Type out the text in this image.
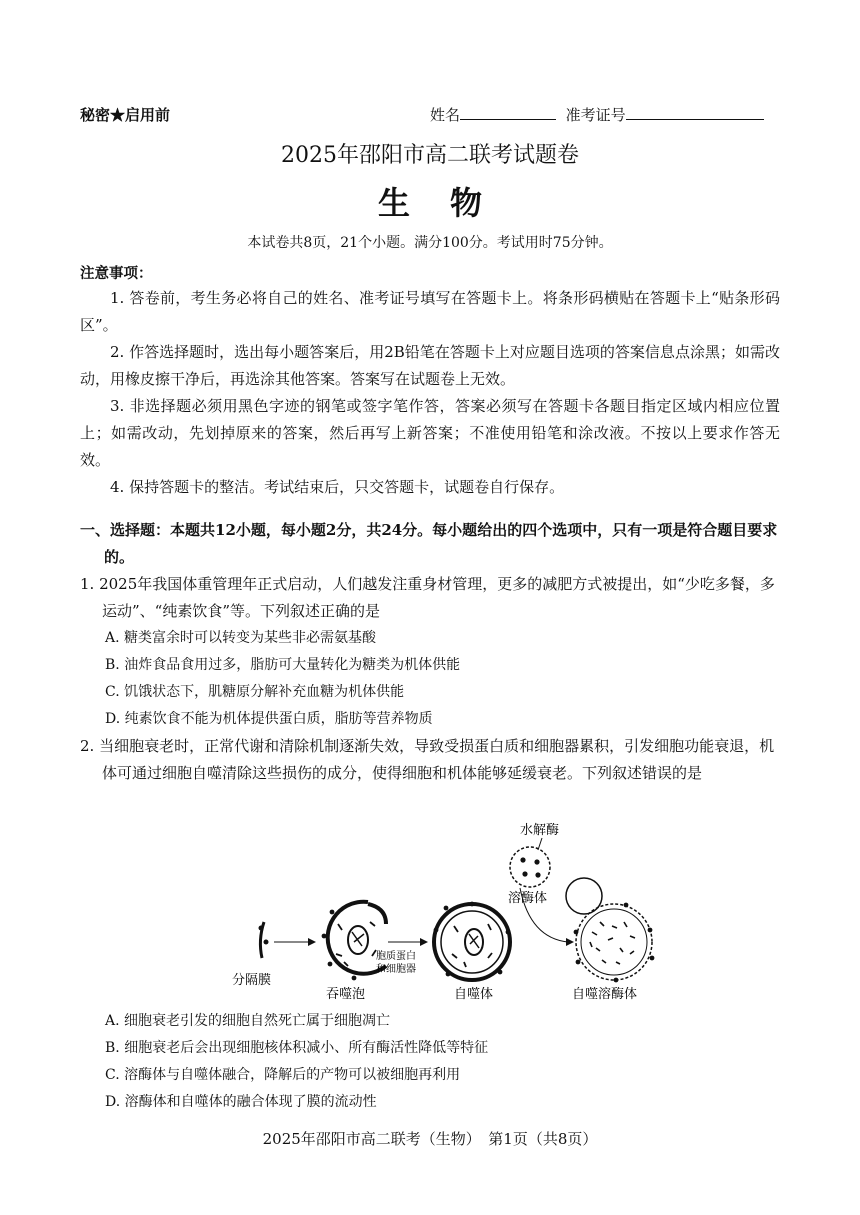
秘密★启用前	姓名	准考证号
2025年邵阳市高二联考试题卷
生物
本试卷共8页，21个小题。满分100分。考试用时75分钟。
注意事项：
1. 答卷前，考生务必将自己的姓名、准考证号填写在答题卡上。将条形码横贴在答题卡上“贴条形码区”。
2. 作答选择题时，选出每小题答案后，用2B铅笔在答题卡上对应题目选项的答案信息点涂黑；如需改动，用橡皮擦干净后，再选涂其他答案。答案写在试题卷上无效。
3. 非选择题必须用黑色字迹的钢笔或签字笔作答，答案必须写在答题卡各题目指定区域内相应位置上；如需改动，先划掉原来的答案，然后再写上新答案；不准使用铅笔和涂改液。不按以上要求作答无效。
4. 保持答题卡的整洁。考试结束后，只交答题卡，试题卷自行保存。
一、选择题：本题共12小题，每小题2分，共24分。每小题给出的四个选项中，只有一项是符合题目要求的。
1. 2025年我国体重管理年正式启动，人们越发注重身材管理，更多的减肥方式被提出，如“少吃多餐，多运动”、“纯素饮食”等。下列叙述正确的是
A. 糖类富余时可以转变为某些非必需氨基酸
B. 油炸食品食用过多，脂肪可大量转化为糖类为机体供能
C. 饥饿状态下，肌糖原分解补充血糖为机体供能
D. 纯素饮食不能为机体提供蛋白质，脂肪等营养物质
2. 当细胞衰老时，正常代谢和清除机制逐渐失效，导致受损蛋白质和细胞器累积，引发细胞功能衰退，机体可通过细胞自噬清除这些损伤的成分，使得细胞和机体能够延缓衰老。下列叙述错误的是
水解酶
溶酶体
分隔膜
吞噬泡
胞质蛋白
和细胞器
自噬体	自噬溶酶体
A. 细胞衰老引发的细胞自然死亡属于细胞凋亡
B. 细胞衰老后会出现细胞核体积减小、所有酶活性降低等特征
C. 溶酶体与自噬体融合，降解后的产物可以被细胞再利用
D. 溶酶体和自噬体的融合体现了膜的流动性
2025年邵阳市高二联考（生物）　第1页（共8页）
